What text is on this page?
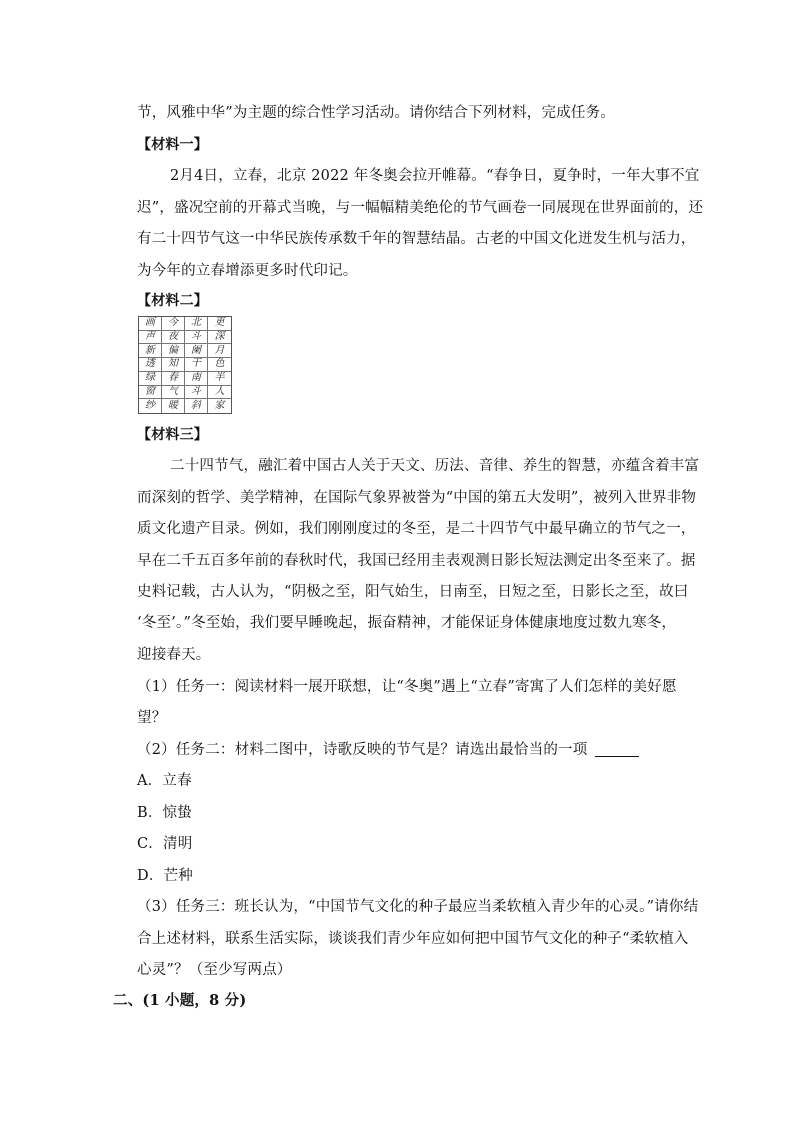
节，风雅中华”为主题的综合性学习活动。请你结合下列材料，完成任务。
【材料一】
2月4日，立春，北京 2022 年冬奥会拉开帷幕。“春争日，夏争时，一年大事不宜
迟”，盛况空前的开幕式当晚，与一幅幅精美绝伦的节气画卷一同展现在世界面前的，还
有二十四节气这一中华民族传承数千年的智慧结晶。古老的中国文化迸发生机与活力，
为今年的立春增添更多时代印记。
【材料二】
画	今	北	更
声	夜	斗	深
新	偏	阑	月
透	知	干	色
绿	春	南	半
窗	气	斗	人
纱	暖	斜	家
【材料三】
二十四节气，融汇着中国古人关于天文、历法、音律、养生的智慧，亦蕴含着丰富
而深刻的哲学、美学精神，在国际气象界被誉为“中国的第五大发明”，被列入世界非物
质文化遗产目录。例如，我们刚刚度过的冬至，是二十四节气中最早确立的节气之一，
早在二千五百多年前的春秋时代，我国已经用圭表观测日影长短法测定出冬至来了。据
史料记载，古人认为，“阴极之至，阳气始生，日南至，日短之至，日影长之至，故曰
‘冬至’。”冬至始，我们要早睡晚起，振奋精神，才能保证身体健康地度过数九寒冬，
迎接春天。
（1）任务一：阅读材料一展开联想，让“冬奥”遇上“立春”寄寓了人们怎样的美好愿
望？
（2）任务二：材料二图中，诗歌反映的节气是？请选出最恰当的一项
A．立春
B．惊蛰
C．清明
D．芒种
（3）任务三：班长认为，“中国节气文化的种子最应当柔软植入青少年的心灵。”请你结
合上述材料，联系生活实际，谈谈我们青少年应如何把中国节气文化的种子“柔软植入
心灵”？（至少写两点）
二、(1 小题，8 分)
